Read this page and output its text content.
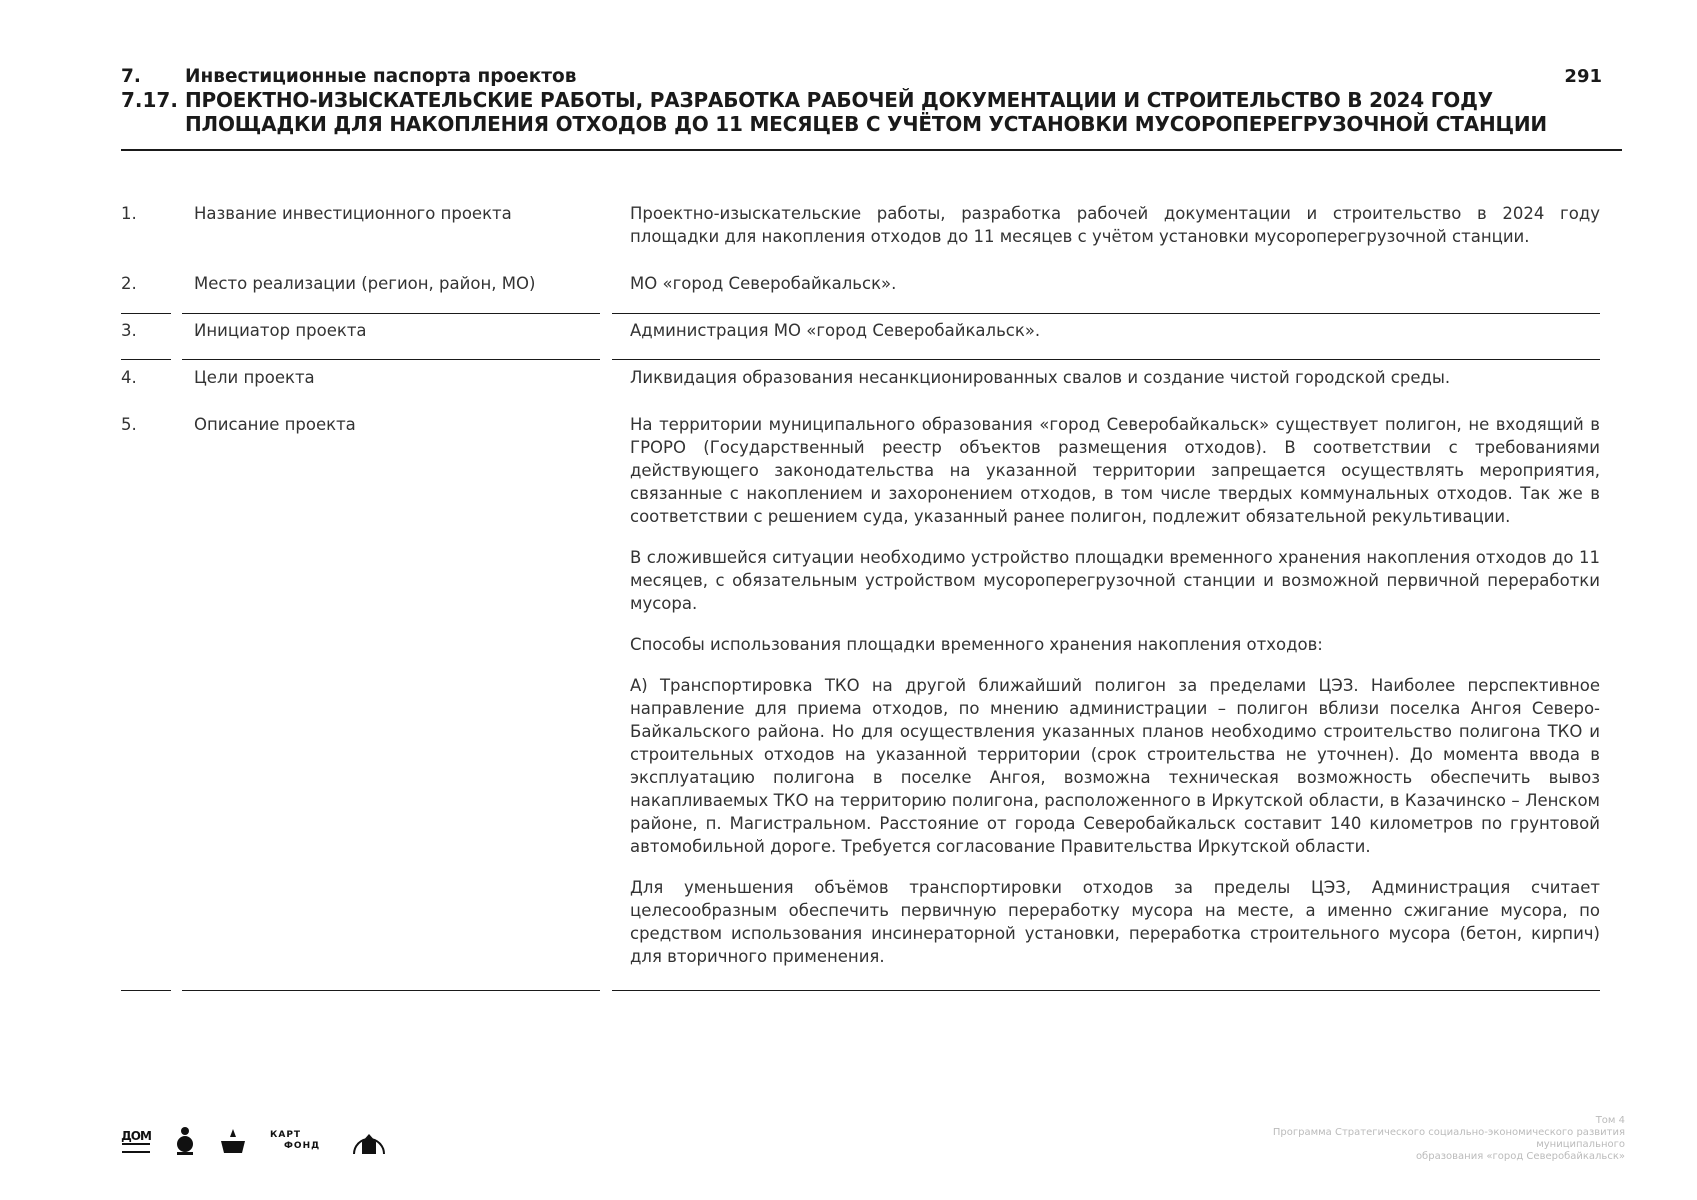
7.	Инвестиционные паспорта проектов
7.17. ПРОЕКТНО-ИЗЫСКАТЕЛЬСКИЕ РАБОТЫ, РАЗРАБОТКА РАБОЧЕЙ ДОКУМЕНТАЦИИ И СТРОИТЕЛЬСТВО В 2024 ГОДУ
ПЛОЩАДКИ ДЛЯ НАКОПЛЕНИЯ ОТХОДОВ ДО 11 МЕСЯЦЕВ С УЧЁТОМ УСТАНОВКИ МУСОРОПЕРЕГРУЗОЧНОЙ СТАНЦИИ
291
1.	Название инвестиционного проекта	Проектно-изыскательские работы, разработка рабочей документации и строительство в 2024 году площадки для накопления отходов до 11 месяцев с учётом установки мусороперегрузочной станции.

2.	Место реализации (регион, район, МО)	МО «город Северобайкальск».

3.	Инициатор проекта	Администрация МО «город Северобайкальск».

4.	Цели проекта	Ликвидация образования несанкционированных свалов и создание чистой городской среды.

5.	Описание проекта	На территории муниципального образования «город Северобайкальск» существует полигон, не входящий в ГРОРО (Государственный реестр объектов размещения отходов). В соответствии с требованиями действующего законодательства на указанной территории запрещается осуществлять мероприятия, связанные с накоплением и захоронением отходов, в том числе твердых коммунальных отходов. Так же в соответствии с решением суда, указанный ранее полигон, подлежит обязательной рекультивации.

В сложившейся ситуации необходимо устройство площадки временного хранения накопления отходов до 11 месяцев, с обязательным устройством мусороперегрузочной станции и возможной первичной переработки мусора.

Способы использования площадки временного хранения накопления отходов:

А) Транспортировка ТКО на другой ближайший полигон за пределами ЦЭЗ. Наиболее перспективное направление для приема отходов, по мнению администрации – полигон вблизи поселка Ангоя Северо-Байкальского района. Но для осуществления указанных планов необходимо строительство полигона ТКО и строительных отходов на указанной территории (срок строительства не уточнен). До момента ввода в эксплуатацию полигона в поселке Ангоя, возможна техническая возможность обеспечить вывоз накапливаемых ТКО на территорию полигона, расположенного в Иркутской области, в Казачинско – Ленском районе, п. Магистральном. Расстояние от города Северобайкальск составит 140 километров по грунтовой автомобильной дороге. Требуется согласование Правительства Иркутской области.

Для уменьшения объёмов транспортировки отходов за пределы ЦЭЗ, Администрация считает целесообразным обеспечить первичную переработку мусора на месте, а именно сжигание мусора, по средством использования инсинераторной установки, переработка строительного мусора (бетон, кирпич) для вторичного применения.

ДОМ	КАРТ
ФОНД
Том 4
Программа Стратегического социально-экономического развития муниципального
образования «город Северобайкальск»
